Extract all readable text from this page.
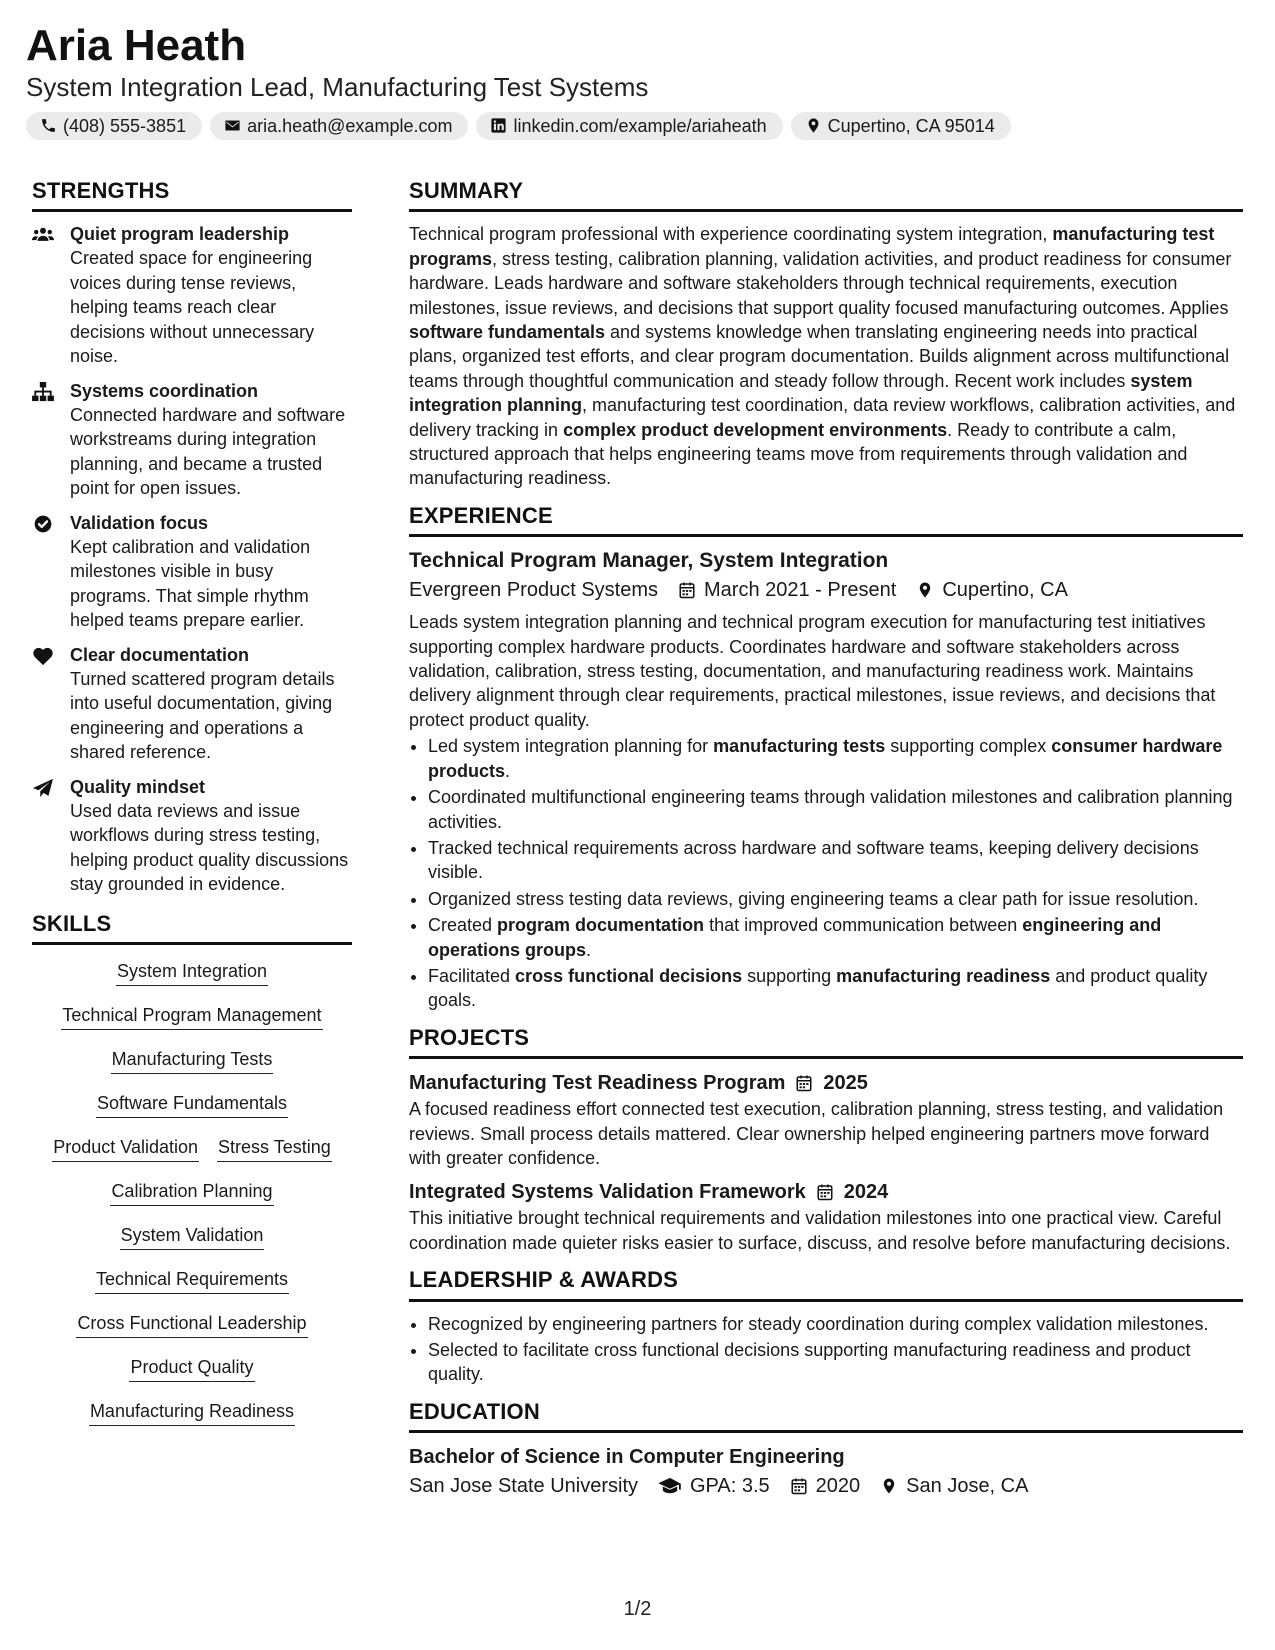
Aria Heath
System Integration Lead, Manufacturing Test Systems
(408) 555-3851	aria.heath@example.com	linkedin.com/example/ariaheath	Cupertino, CA 95014
STRENGTHS
Quiet program leadership
Created space for engineering voices during tense reviews, helping teams reach clear decisions without unnecessary noise.
Systems coordination
Connected hardware and software workstreams during integration planning, and became a trusted point for open issues.
Validation focus
Kept calibration and validation milestones visible in busy programs. That simple rhythm helped teams prepare earlier.
Clear documentation
Turned scattered program details into useful documentation, giving engineering and operations a shared reference.
Quality mindset
Used data reviews and issue workflows during stress testing, helping product quality discussions stay grounded in evidence.
SKILLS
System Integration
Technical Program Management
Manufacturing Tests
Software Fundamentals
Product Validation Stress Testing
Calibration Planning
System Validation
Technical Requirements
Cross Functional Leadership
Product Quality
Manufacturing Readiness
SUMMARY

Technical program professional with experience coordinating system integration, manufacturing test programs, stress testing, calibration planning, validation activities, and product readiness for consumer hardware. Leads hardware and software stakeholders through technical requirements, execution milestones, issue reviews, and decisions that support quality focused manufacturing outcomes. Applies software fundamentals and systems knowledge when translating engineering needs into practical plans, organized test efforts, and clear program documentation. Builds alignment across multifunctional teams through thoughtful communication and steady follow through. Recent work includes system integration planning, manufacturing test coordination, data review workflows, calibration activities, and delivery tracking in complex product development environments. Ready to contribute a calm, structured approach that helps engineering teams move from requirements through validation and manufacturing readiness.

EXPERIENCE
Technical Program Manager, System Integration
Evergreen Product Systems March 2021 - Present Cupertino, CA

Leads system integration planning and technical program execution for manufacturing test initiatives supporting complex hardware products. Coordinates hardware and software stakeholders across validation, calibration, stress testing, documentation, and manufacturing readiness work. Maintains delivery alignment through clear requirements, practical milestones, issue reviews, and decisions that protect product quality.

• Led system integration planning for manufacturing tests supporting complex consumer hardware products.
• Coordinated multifunctional engineering teams through validation milestones and calibration planning activities.
• Tracked technical requirements across hardware and software teams, keeping delivery decisions visible.
• Organized stress testing data reviews, giving engineering teams a clear path for issue resolution.
• Created program documentation that improved communication between engineering and operations groups.
• Facilitated cross functional decisions supporting manufacturing readiness and product quality goals.
PROJECTS
Manufacturing Test Readiness Program 2025

A focused readiness effort connected test execution, calibration planning, stress testing, and validation reviews. Small process details mattered. Clear ownership helped engineering partners move forward with greater confidence.

Integrated Systems Validation Framework 2024

This initiative brought technical requirements and validation milestones into one practical view. Careful coordination made quieter risks easier to surface, discuss, and resolve before manufacturing decisions.

LEADERSHIP & AWARDS
• Recognized by engineering partners for steady coordination during complex validation milestones.
• Selected to facilitate cross functional decisions supporting manufacturing readiness and product quality.
EDUCATION
Bachelor of Science in Computer Engineering
San Jose State University	GPA: 3.5 2020 San Jose, CA
1/2
